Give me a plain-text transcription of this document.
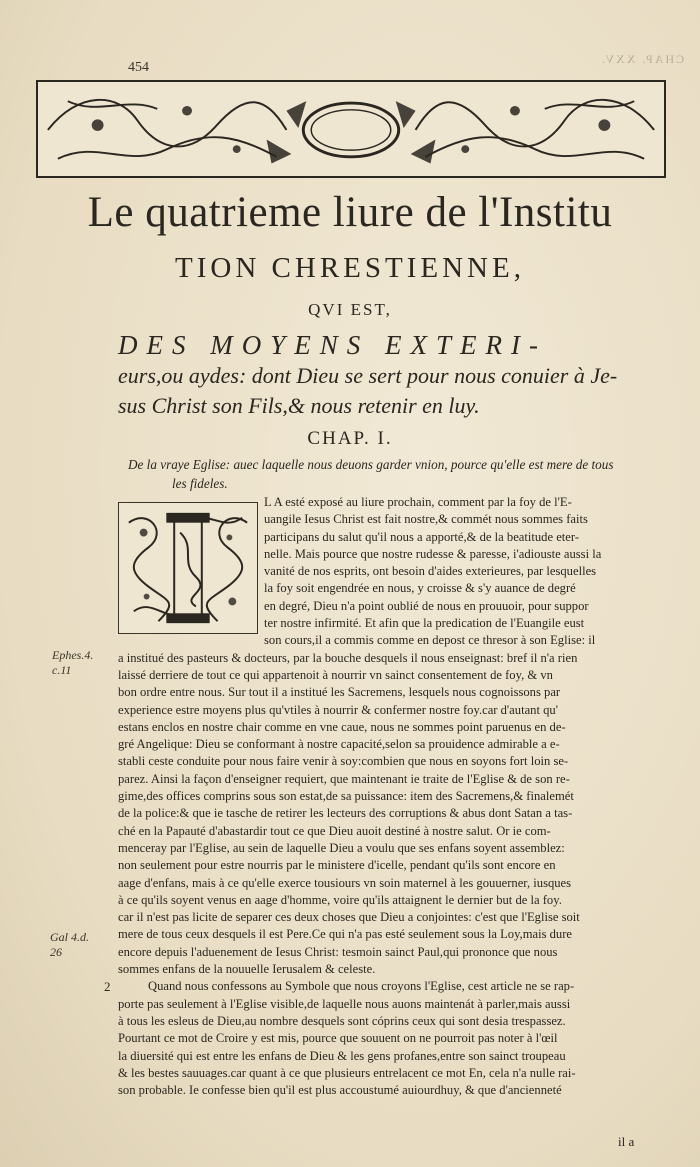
454
CHAP. XXV.
Le quatrieme liure de l'Institu
TION CHRESTIENNE,
QVI EST,
DES MOYENS EXTERI-
eurs,ou aydes: dont Dieu se sert pour nous conuier à Je-
sus Christ son Fils,& nous retenir en luy.
CHAP. I.
De la vraye Eglise: auec laquelle nous deuons garder vnion, pource qu'elle est mere de tous
les fideles.
L A esté exposé au liure prochain, comment par la foy de l'E-
uangile Iesus Christ est fait nostre,& commét nous sommes faits
participans du salut qu'il nous a apporté,& de la beatitude eter-
nelle. Mais pource que nostre rudesse & paresse, i'adiouste aussi la
vanité de nos esprits, ont besoin d'aides exterieures, par lesquelles
la foy soit engendrée en nous, y croisse & s'y auance de degré
en degré, Dieu n'a point oublié de nous en prouuoir, pour suppor
ter nostre infirmité. Et afin que la predication de l'Euangile eust
son cours,il a commis comme en depost ce thresor à son Eglise: il
a institué des pasteurs & docteurs, par la bouche desquels il nous enseignast: bref il n'a rien
laissé derriere de tout ce qui appartenoit à nourrir vn sainct consentement de foy, & vn
bon ordre entre nous. Sur tout il a institué les Sacremens, lesquels nous cognoissons par
experience estre moyens plus qu'vtiles à nourrir & confermer nostre foy.car d'autant qu'
estans enclos en nostre chair comme en vne caue, nous ne sommes point paruenus en de-
gré Angelique: Dieu se conformant à nostre capacité,selon sa prouidence admirable a e-
stabli ceste conduite pour nous faire venir à soy:combien que nous en soyons fort loin se-
parez. Ainsi la façon d'enseigner requiert, que maintenant ie traite de l'Eglise & de son re-
gime,des offices comprins sous son estat,de sa puissance: item des Sacremens,& finalemét
de la police:& que ie tasche de retirer les lecteurs des corruptions & abus dont Satan a tas-
ché en la Papauté d'abastardir tout ce que Dieu auoit destiné à nostre salut. Or ie com-
menceray par l'Eglise, au sein de laquelle Dieu a voulu que ses enfans soyent assemblez:
non seulement pour estre nourris par le ministere d'icelle, pendant qu'ils sont encore en
aage d'enfans, mais à ce qu'elle exerce tousiours vn soin maternel à les gouuerner, iusques
à ce qu'ils soyent venus en aage d'homme, voire qu'ils attaignent le dernier but de la foy.
car il n'est pas licite de separer ces deux choses que Dieu a conjointes: c'est que l'Eglise soit
mere de tous ceux desquels il est Pere.Ce qui n'a pas esté seulement sous la Loy,mais dure
encore depuis l'aduenement de Iesus Christ: tesmoin sainct Paul,qui prononce que nous
sommes enfans de la nouuelle Ierusalem & celeste.
2	Quand nous confessons au Symbole que nous croyons l'Eglise, cest article ne se rap-
porte pas seulement à l'Eglise visible,de laquelle nous auons maintenát à parler,mais aussi
à tous les esleus de Dieu,au nombre desquels sont cóprins ceux qui sont desia trespassez.
Pourtant ce mot de Croire y est mis, pource que souuent on ne pourroit pas noter à l'œil
la diuersité qui est entre les enfans de Dieu & les gens profanes,entre son sainct troupeau
& les bestes sauuages.car quant à ce que plusieurs entrelacent ce mot En, cela n'a nulle rai-
son probable. Ie confesse bien qu'il est plus accoustumé auiourdhuy, & que d'ancienneté
Ephes.4.
c.11
Gal 4.d.
26
il a
